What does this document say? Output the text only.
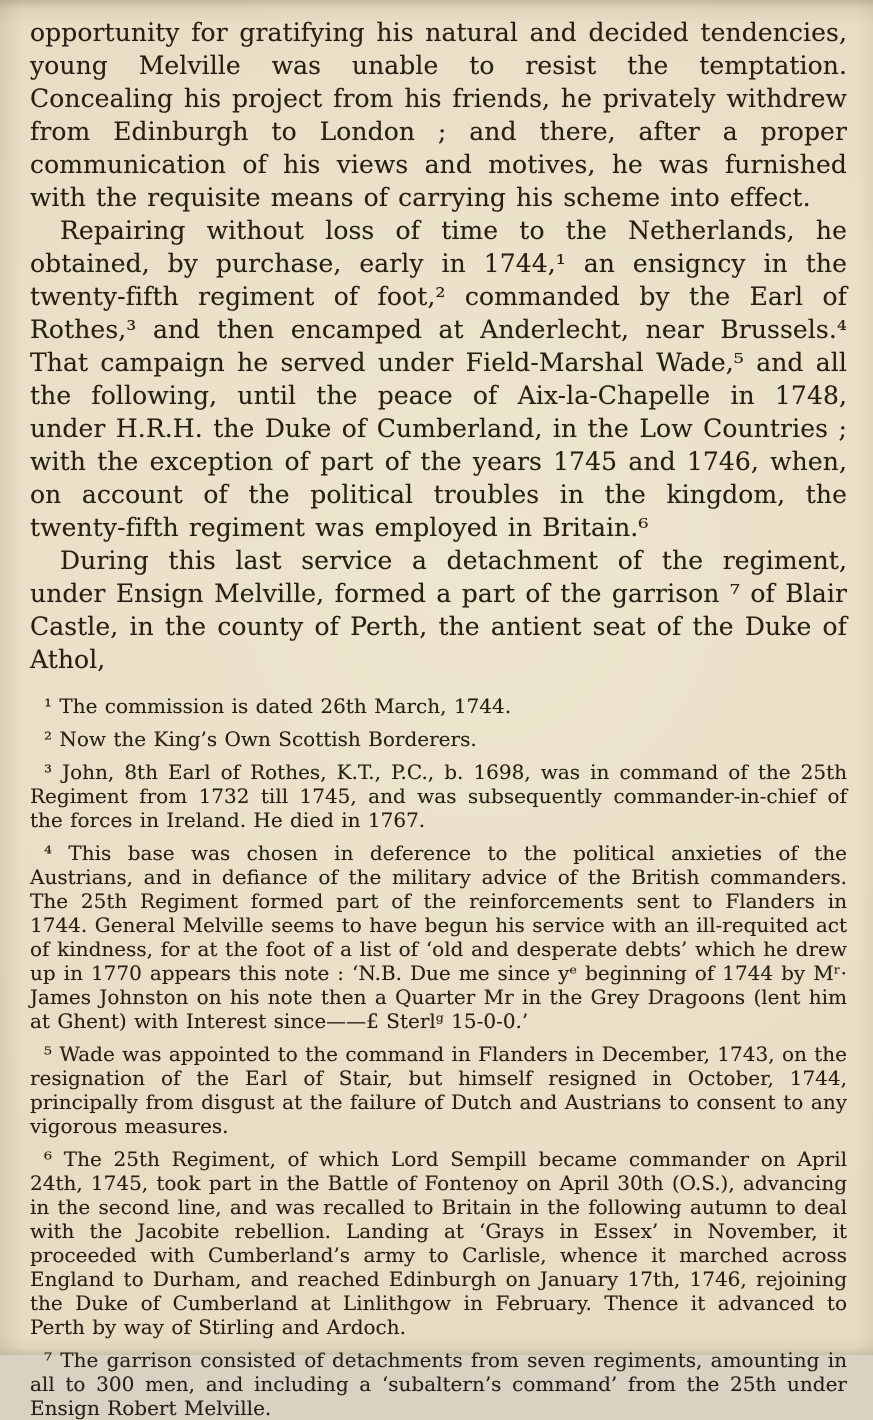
opportunity for gratifying his natural and decided tendencies, young Melville was unable to resist the temptation. Concealing his project from his friends, he privately withdrew from Edinburgh to London ; and there, after a proper communication of his views and motives, he was furnished with the requisite means of carrying his scheme into effect.

Repairing without loss of time to the Netherlands, he obtained, by purchase, early in 1744,¹ an ensigncy in the twenty-fifth regiment of foot,² commanded by the Earl of Rothes,³ and then encamped at Anderlecht, near Brussels.⁴ That campaign he served under Field-Marshal Wade,⁵ and all the following, until the peace of Aix-la-Chapelle in 1748, under H.R.H. the Duke of Cumberland, in the Low Countries ; with the exception of part of the years 1745 and 1746, when, on account of the political troubles in the kingdom, the twenty-fifth regiment was employed in Britain.⁶

During this last service a detachment of the regiment, under Ensign Melville, formed a part of the garrison ⁷ of Blair Castle, in the county of Perth, the antient seat of the Duke of Athol,

¹ The commission is dated 26th March, 1744.

² Now the King’s Own Scottish Borderers.

³ John, 8th Earl of Rothes, K.T., P.C., b. 1698, was in command of the 25th Regiment from 1732 till 1745, and was subsequently commander-in-chief of the forces in Ireland. He died in 1767.

⁴ This base was chosen in deference to the political anxieties of the Austrians, and in defiance of the military advice of the British commanders. The 25th Regiment formed part of the reinforcements sent to Flanders in 1744. General Melville seems to have begun his service with an ill-requited act of kindness, for at the foot of a list of ‘old and desperate debts’ which he drew up in 1770 appears this note : ‘N.B. Due me since yᵉ beginning of 1744 by Mʳ· James Johnston on his note then a Quarter Mr in the Grey Dragoons (lent him at Ghent) with Interest since——£ Sterlᵍ 15-0-0.’

⁵ Wade was appointed to the command in Flanders in December, 1743, on the resignation of the Earl of Stair, but himself resigned in October, 1744, principally from disgust at the failure of Dutch and Austrians to consent to any vigorous measures.

⁶ The 25th Regiment, of which Lord Sempill became commander on April 24th, 1745, took part in the Battle of Fontenoy on April 30th (O.S.), advancing in the second line, and was recalled to Britain in the following autumn to deal with the Jacobite rebellion. Landing at ‘Grays in Essex’ in November, it proceeded with Cumberland’s army to Carlisle, whence it marched across England to Durham, and reached Edinburgh on January 17th, 1746, rejoining the Duke of Cumberland at Linlithgow in February. Thence it advanced to Perth by way of Stirling and Ardoch.

⁷ The garrison consisted of detachments from seven regiments, amounting in all to 300 men, and including a ‘subaltern’s command’ from the 25th under Ensign Robert Melville.
